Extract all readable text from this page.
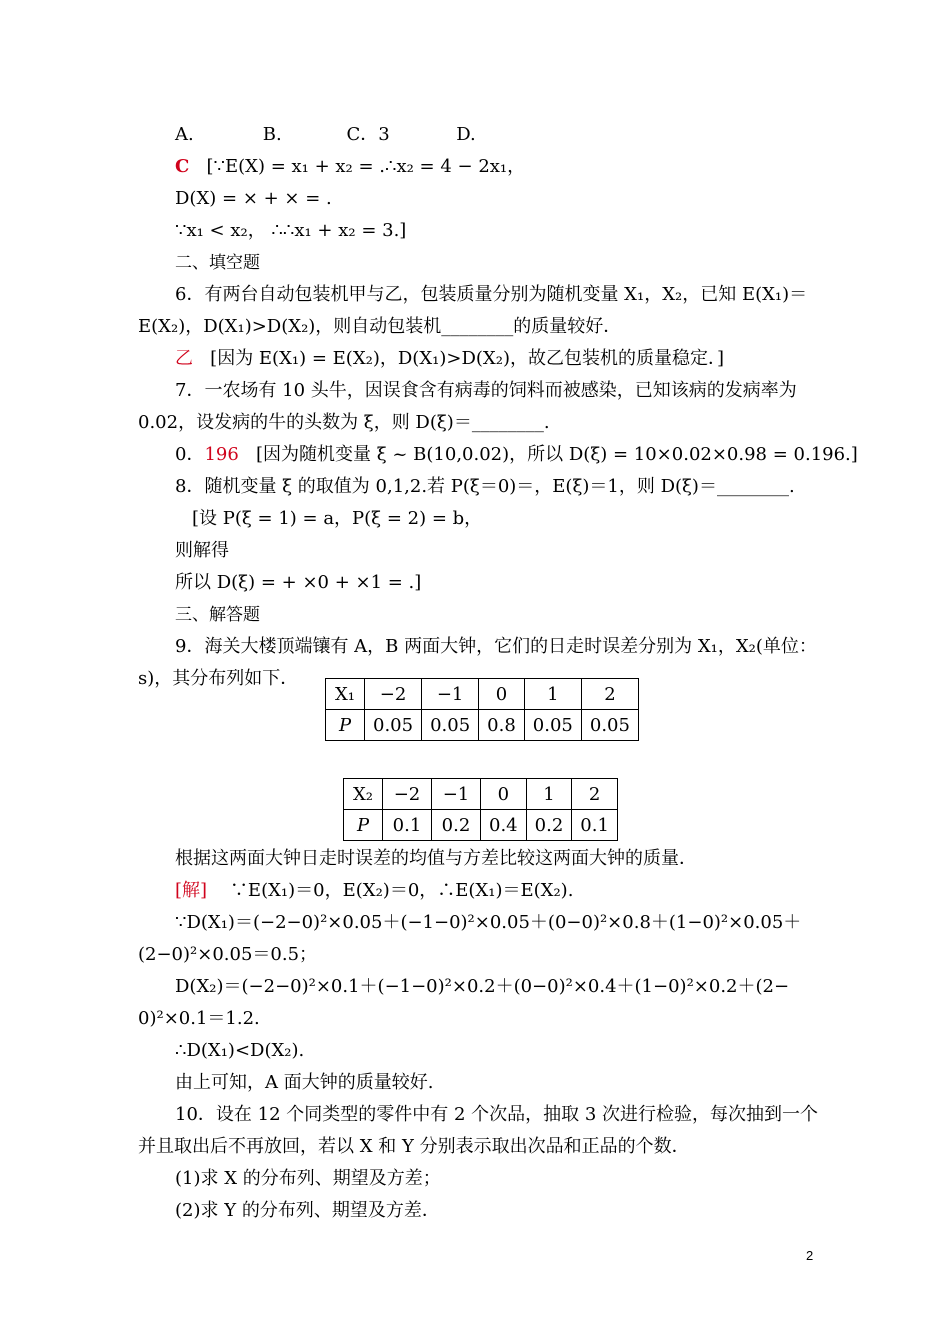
A.	B.	C．3	D.
C [∵E(X) = x₁ + x₂ = .∴x₂ = 4 − 2x₁，
D(X) = × + × = .
∵x₁ < x₂， ∴∴x₁ + x₂ = 3.]
二、填空题
6．有两台自动包装机甲与乙，包装质量分别为随机变量 X₁，X₂，已知 E(X₁)＝
E(X₂)，D(X₁)>D(X₂)，则自动包装机________的质量较好．
乙 [因为 E(X₁) = E(X₂)，D(X₁)>D(X₂)，故乙包装机的质量稳定．]
7．一农场有 10 头牛，因误食含有病毒的饲料而被感染，已知该病的发病率为
0.02，设发病的牛的头数为 ξ，则 D(ξ)＝________.
0．196 [因为随机变量 ξ ~ B(10,0.02)，所以 D(ξ) = 10×0.02×0.98 = 0.196.]
8．随机变量 ξ 的取值为 0,1,2.若 P(ξ＝0)＝，E(ξ)＝1，则 D(ξ)＝________.
[设 P(ξ = 1) = a，P(ξ = 2) = b，
则解得
所以 D(ξ) = + ×0 + ×1 = .]
三、解答题
9．海关大楼顶端镶有 A，B 两面大钟，它们的日走时误差分别为 X₁，X₂(单位：
s)，其分布列如下．
X₁	−2	−1	0	1	2
P	0.05	0.05	0.8	0.05	0.05
X₂	−2	−1	0	1	2
P	0.1	0.2	0.4	0.2	0.1
根据这两面大钟日走时误差的均值与方差比较这两面大钟的质量．
[解] ∵E(X₁)＝0，E(X₂)＝0，∴E(X₁)＝E(X₂).
∵D(X₁)＝(−2−0)²×0.05＋(−1−0)²×0.05＋(0−0)²×0.8＋(1−0)²×0.05＋
(2−0)²×0.05＝0.5；
D(X₂)＝(−2−0)²×0.1＋(−1−0)²×0.2＋(0−0)²×0.4＋(1−0)²×0.2＋(2−
0)²×0.1＝1.2.
∴D(X₁)<D(X₂).
由上可知，A 面大钟的质量较好.
10．设在 12 个同类型的零件中有 2 个次品，抽取 3 次进行检验，每次抽到一个
并且取出后不再放回，若以 X 和 Y 分别表示取出次品和正品的个数．
(1)求 X 的分布列、期望及方差；
(2)求 Y 的分布列、期望及方差．
2
